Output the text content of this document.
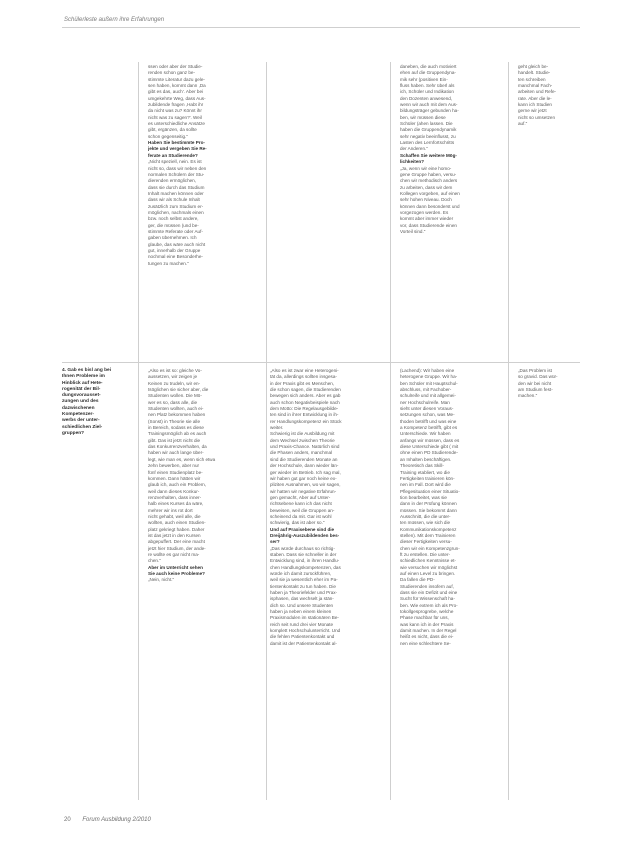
Schülerleste außern ihre Erfahrungen

ssen oder aber der Studie-

renden schon ganz be-

stimmte Literatur dazu gele-

sen haben, kommt dann ,Da

gibt es das, auch'. Aber bei

umgekehrte Weg, dass Aus-

zubildende fragen ,Habt ihr

da nicht was zu? Könnt ihr

nicht was zu sagen?'. Weil

es unterschiedliche Ansätze

gibt, ergänzen, da sollte

schon gegenseitig."

Haben Sie bestimmte Pro-

jekte und vergeben Sie Re-

ferate an Studierende?

„Nicht speziell, nein. Es ist

nicht so, dass wir neben den

normalen Schülern der Stu-

dierenden ermöglichen,

dass sie durch das Studium

Inhalt machen können oder

dass wir als Schule Inhalt

zusätzlich zum Studium er-

möglichen, nachmals einen

bzw. noch selbst andere,

ger, die müssen (und be-

stimmte Referate oder Auf-

gaben übernehmen. Ich

glaube, das wäre auch nicht

gut, innerhalb der Gruppe

nochmal eine Besonderhe-

tungen zu machen."

daneben, die auch motiviert

ehen auf die Gruppendyna-

mik sehr (positiven Ein-

fluss haben. Sehr überl als

ich, Schüler und Indikation

den Dozenten anwesend,

wenn wir auch mit dem Aus-

bildungsträger gebunden ha-

ben, wir müssen diese

Schüler (ahen lassen. Die

haben die Gruppendynamik

sehr negativ beeinflusst, zu

Lasten des Lernfortschritts

der Anderen."

Schaffen Sie weitere Mög-

lichkeiten?

„Ja, wenn wir eine homo-

gene Gruppe haben, versu-

chen wir methodisch anders

zu arbeiten, dass wir dem

Kollegen vorgeben, auf einen

sehr hohen Niveau. Doch

können dann besonderst und

vorgezogen werden. Es

kommt aber immer wieder

vor, dass Studierende einen

Vorteil sind."

geht gleich be-

handelt. Studie-

ten schreiben

manchmal Fach-

arbeiten und Refe-

rate. Aber die le-

kann ich Studien

gerne wir jetzt

nicht so umsetzen

auf."

4. Gab es bisl ang bei
Ihnen Probleme im
Hinblick auf Hete-
rogenität der Bil-
dungsvorausset-
zungen und des
dazwischenen
Kompetenzer-
werbs der unter-
schiedlichen Ziel-
gruppen?

„Also es ist so: gleiche Vo-

aussetzen, wir zeigen je

Keinen zu trudeln, wir en-

tsöglichen sie sicher aber, die

Studenten wollen. Die Mö-

wer es so, dass alle, die

Studenten wollten, auch ei-

nen Platz bekommen haben

(Sonst) in Theorie sie alle

in Bereich, sodass es diese

Trainingsmöglich ab es auch

gibt. Das ist jetzt nicht die

das Konkurrenzverhalten, da

haben wir auch lange über-

legt, wie man es, wenn sich etwa

zehn bewerben, aber nur

fünf einen Studienplatz be-

kommen. Dann hätten wir

glaub ich, auch ein Problem,

weil dann dieses Konkur-

renzverhalten, dass inner-

halb eines Kurses da wäre,

mehrer wir ins rot dort

nicht gehabt, weil alle, die

wollten, auch einen Studien-

platz gekriegt haben. Daher

ist das jetzt in den Kursen

abgepuffert. Der eine macht

jetzt hier Studium, der ande-

re wollte es gar nicht ma-

chen."

Aber im Unterricht sehen

Sie auch keine Probleme?

„Nein, nicht."

„Also es ist zwar eine Heterogeni-

tät da, allerdings sollten insgesa-

in der Praxis gibt es Menschen,

die schon sagen, die Studierenden

bewegen sich anders. Aber es gab

auch schon Negativbeispiele nach

dem Motto: Die Regelausgebilde-

ten sind in ihrer Entwicklung in ih-

rer Handlungskompetenz ein Stück

weiter.

Schwierig ist die Ausbildung mit

dem Wechsel zwischen Theorie

und Praxis-Chance. Natürlich sind

die Phasen anders, manchmal

sind die Studierenden Monate an

der Hochschule, dann wieder län-

ger wieder im Betrieb. Ich sag mal,

wir haben gut gar noch keine ex-

pliziten Ausnahmen, wo wir sagen,

wir hatten wir negative Erfahrun-

gen gemacht, Aber auf Unter-

richtsebene kann ich das nicht

beweisen, weil die Gruppen an-

scheinend da mit. Gar ist wohl

schwierig, das ist aber so."

Und auf Praxisebene sind die

Dreijährig-Auszubildenden bes-

ser?

„Das würde durchaus so richtig-

staben. Dass sie schneller in der

Entwicklung sind, in ihren Handlu-

chen Handlungskompetenzen, das

würde ich damit zurückführen,

weil sie ja wesentlich eher im Pa-

tientenkontakt zu tun haben. Die

haben ja Theoriefelder und Prax-

isphasen, das wechselt ja stän-

dich so. Und unsere Studenten

haben ja neben einem kleinen

Praxismodulen im stationären Be-

reich seit rund drei vier Monate

komplett Hochschulunterricht. Und

die fehlen Patientenkontakt und

damit ist der Patientenkontakt al-

(Lachend): Wir haben eine

heterogene Gruppe. Wir ha-

ben Schüler mit Hauptschul-

abschluss, mit Fachober-

schulreife und mit allgemei-

ner Hochschulreife. Man

sieht unter diesen Voraus-

setzungen schon, was Me-

thoden betrifft und was eine

a Kompetenz betrifft, gibt es

Unterschiede. Wir haben

anfangs wir müssen, dass es

diese Unterschiede gibt ( mit

ohne einen PD Studierende-

an Inhalten beschäftigen.

Theoretisch das Skill-

Training etabliert, wo die

Fertigkeiten trainieren kön-

nen im Fall. Dort wird die

Pflegesituation einer Situatio-

tion bearbeitet, was sie

dann in der Prüfung können

müssen. Sie bekommt dann

Ausschnitt, die die unter-

ten müssen, wie sich die

Kommunikationskompetenz

stellen). Mit dem Trainieren

dieser Fertigkeiten versu-

chen wir ein Kompetenzgrun-

ft zu erstellen. Die unter-

schiedlichen Kenntnisse et-

wie versuchen wir möglichst

auf einen Level zu bringen.

Da fallen die PD-

Studierenden insofern auf,

dass sie ein Defizit und eine

Sucht für Wissenschaft ha-

ben. Wie extrem ich als Pro-

tokollgesprogrebe, welche

Phase machbar für uns,

was kann ich in der Praxis

damit machen. In der Regel

heißt es nicht, dass die ei-

nen eine schlechtere Se-

„Das Problem ist

so gravid. Das wür-

den wir bei nicht

am Studium fest-

machen."

20 Forum Ausbildung 2/2010
